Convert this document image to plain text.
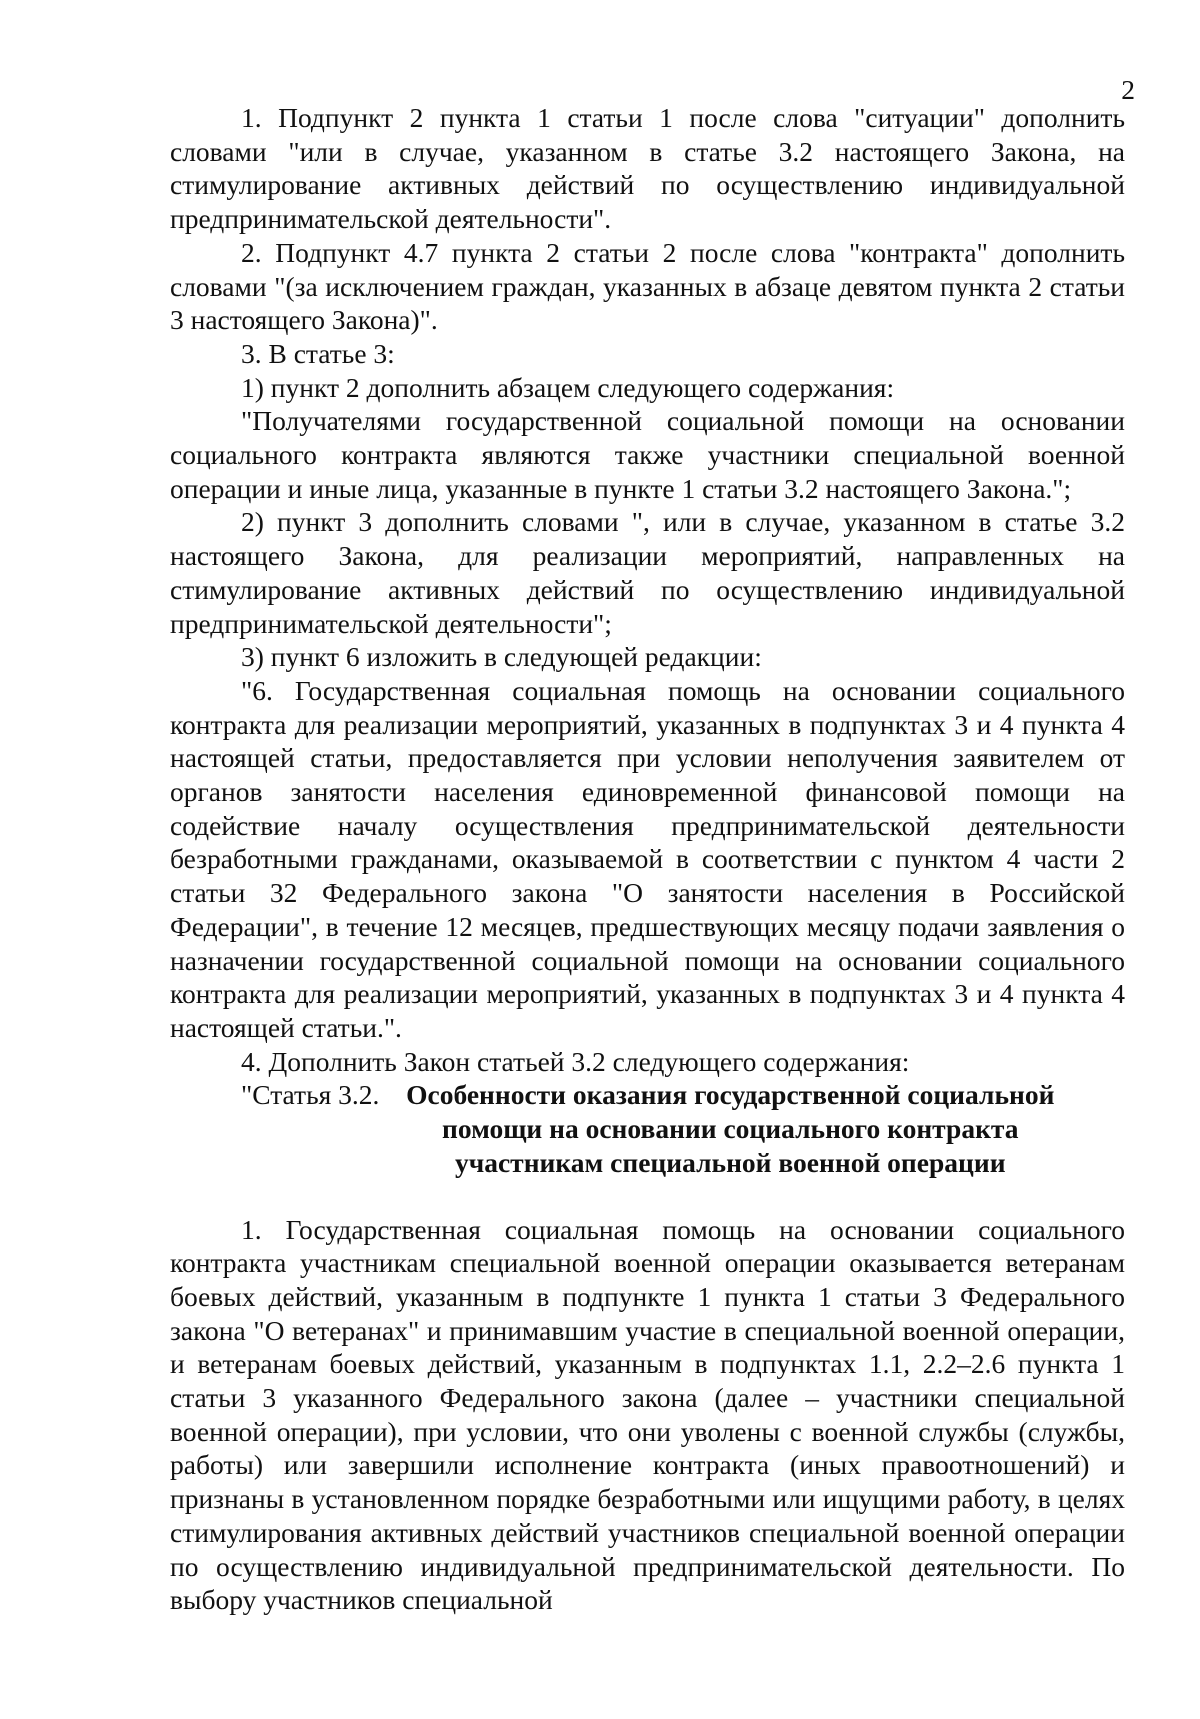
2

1. Подпункт 2 пункта 1 статьи 1 после слова "ситуации" дополнить словами "или в случае, указанном в статье 3.2 настоящего Закона, на стимулирование активных действий по осуществлению индивидуальной предпринимательской деятельности".

2. Подпункт 4.7 пункта 2 статьи 2 после слова "контракта" дополнить словами "(за исключением граждан, указанных в абзаце девятом пункта 2 статьи 3 настоящего Закона)".

3. В статье 3:

1) пункт 2 дополнить абзацем следующего содержания:

"Получателями государственной социальной помощи на основании социального контракта являются также участники специальной военной операции и иные лица, указанные в пункте 1 статьи 3.2 настоящего Закона.";

2) пункт 3 дополнить словами ", или в случае, указанном в статье 3.2 настоящего Закона, для реализации мероприятий, направленных на стимулирование активных действий по осуществлению индивидуальной предпринимательской деятельности";

3) пункт 6 изложить в следующей редакции:

"6. Государственная социальная помощь на основании социального контракта для реализации мероприятий, указанных в подпунктах 3 и 4 пункта 4 настоящей статьи, предоставляется при условии неполучения заявителем от органов занятости населения единовременной финансовой помощи на содействие началу осуществления предпринимательской деятельности безработными гражданами, оказываемой в соответствии с пунктом 4 части 2 статьи 32 Федерального закона "О занятости населения в Российской Федерации", в течение 12 месяцев, предшествующих месяцу подачи заявления о назначении государственной социальной помощи на основании социального контракта для реализации мероприятий, указанных в подпунктах 3 и 4 пункта 4 настоящей статьи.".

4. Дополнить Закон статьей 3.2 следующего содержания:

"Статья 3.2. Особенности оказания государственной социальной
помощи на основании социального контракта
участникам специальной военной операции

1. Государственная социальная помощь на основании социального контракта участникам специальной военной операции оказывается ветеранам боевых действий, указанным в подпункте 1 пункта 1 статьи 3 Федерального закона "О ветеранах" и принимавшим участие в специальной военной операции, и ветеранам боевых действий, указанным в подпунктах 1.1, 2.2–2.6 пункта 1 статьи 3 указанного Федерального закона (далее – участники специальной военной операции), при условии, что они уволены с военной службы (службы, работы) или завершили исполнение контракта (иных правоотношений) и признаны в установленном порядке безработными или ищущими работу, в целях стимулирования активных действий участников специальной военной операции по осуществлению индивидуальной предпринимательской деятельности. По выбору участников специальной
